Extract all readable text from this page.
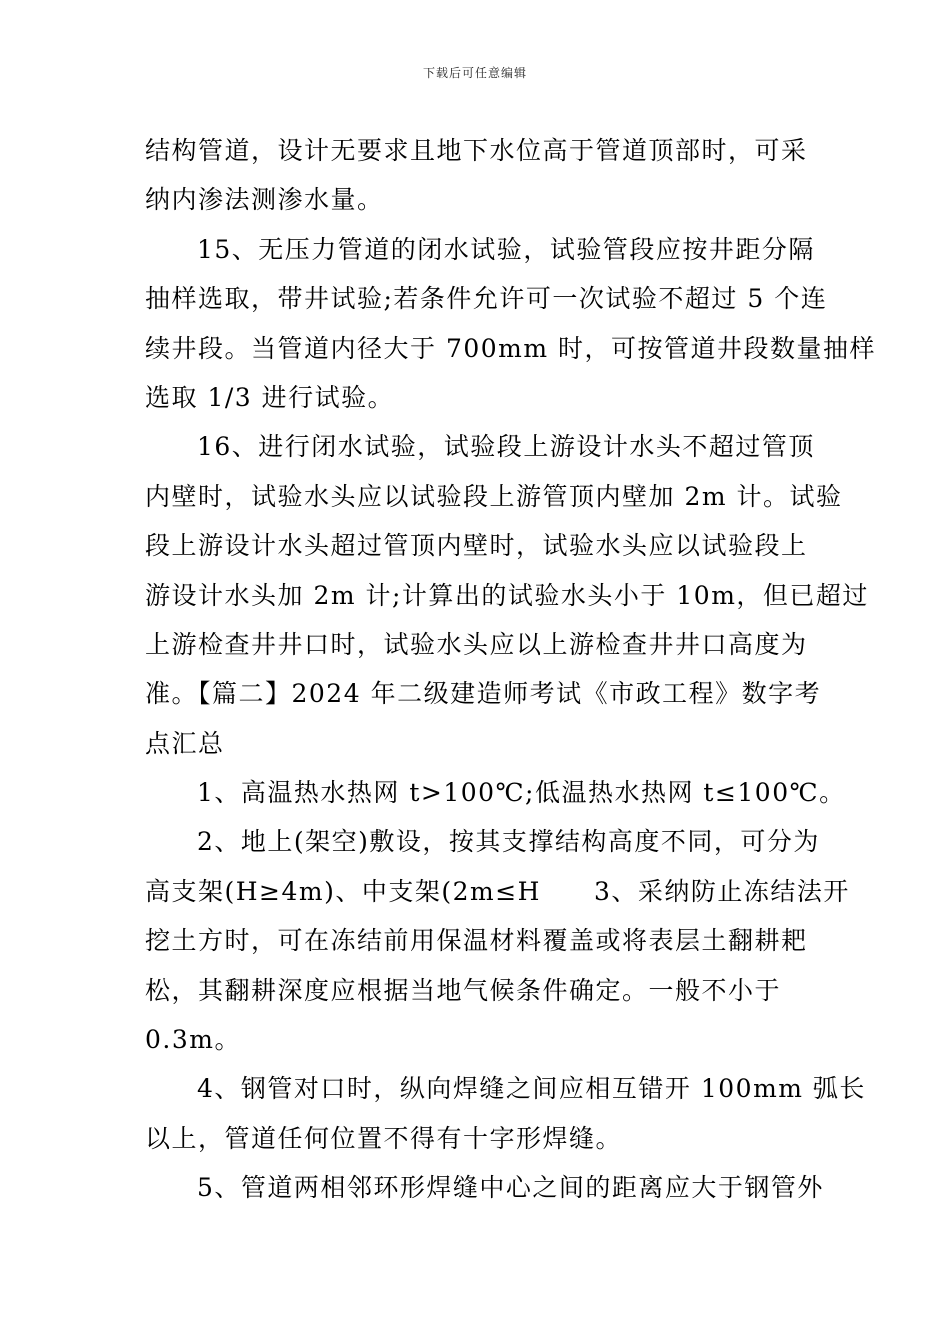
下载后可任意编辑
结构管道，设计无要求且地下水位高于管道顶部时，可采
纳内渗法测渗水量。
15、无压力管道的闭水试验，试验管段应按井距分隔
抽样选取，带井试验;若条件允许可一次试验不超过 5 个连
续井段。当管道内径大于 700mm 时，可按管道井段数量抽样
选取 1/3 进行试验。
16、进行闭水试验，试验段上游设计水头不超过管顶
内壁时，试验水头应以试验段上游管顶内壁加 2m 计。试验
段上游设计水头超过管顶内壁时，试验水头应以试验段上
游设计水头加 2m 计;计算出的试验水头小于 10m，但已超过
上游检查井井口时，试验水头应以上游检查井井口高度为
准。【篇二】2024 年二级建造师考试《市政工程》数字考
点汇总
1、高温热水热网 t>100℃;低温热水热网 t≤100℃。
2、地上(架空)敷设，按其支撑结构高度不同，可分为
高支架(H≥4m)、中支架(2m≤H　　3、采纳防止冻结法开
挖土方时，可在冻结前用保温材料覆盖或将表层土翻耕耙
松，其翻耕深度应根据当地气候条件确定。一般不小于
0.3m。
4、钢管对口时，纵向焊缝之间应相互错开 100mm 弧长
以上，管道任何位置不得有十字形焊缝。
5、管道两相邻环形焊缝中心之间的距离应大于钢管外
